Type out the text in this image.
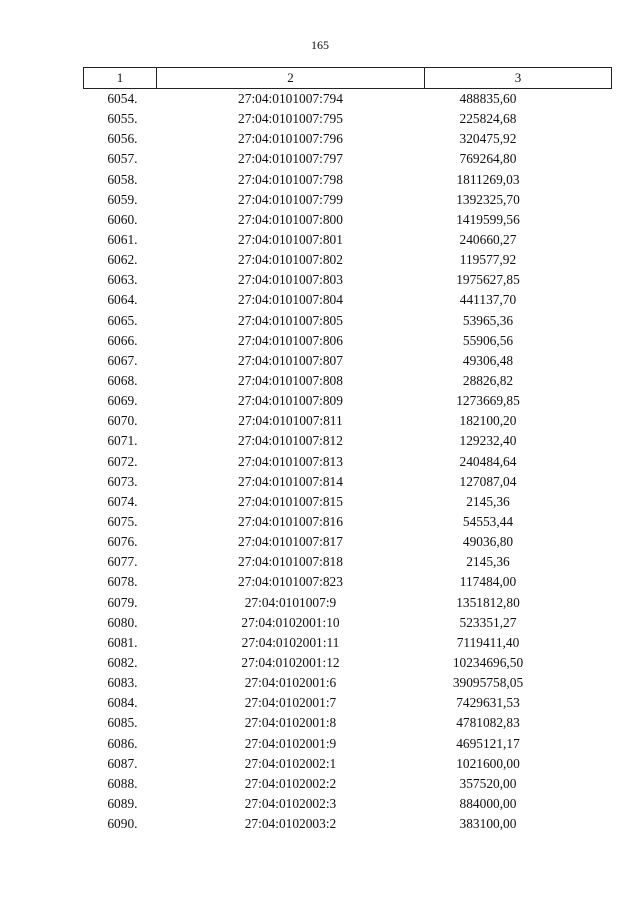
165
1	2	3
6054.	27:04:0101007:794	488835,60
6055.	27:04:0101007:795	225824,68
6056.	27:04:0101007:796	320475,92
6057.	27:04:0101007:797	769264,80
6058.	27:04:0101007:798	1811269,03
6059.	27:04:0101007:799	1392325,70
6060.	27:04:0101007:800	1419599,56
6061.	27:04:0101007:801	240660,27
6062.	27:04:0101007:802	119577,92
6063.	27:04:0101007:803	1975627,85
6064.	27:04:0101007:804	441137,70
6065.	27:04:0101007:805	53965,36
6066.	27:04:0101007:806	55906,56
6067.	27:04:0101007:807	49306,48
6068.	27:04:0101007:808	28826,82
6069.	27:04:0101007:809	1273669,85
6070.	27:04:0101007:811	182100,20
6071.	27:04:0101007:812	129232,40
6072.	27:04:0101007:813	240484,64
6073.	27:04:0101007:814	127087,04
6074.	27:04:0101007:815	2145,36
6075.	27:04:0101007:816	54553,44
6076.	27:04:0101007:817	49036,80
6077.	27:04:0101007:818	2145,36
6078.	27:04:0101007:823	117484,00
6079.	27:04:0101007:9	1351812,80
6080.	27:04:0102001:10	523351,27
6081.	27:04:0102001:11	7119411,40
6082.	27:04:0102001:12	10234696,50
6083.	27:04:0102001:6	39095758,05
6084.	27:04:0102001:7	7429631,53
6085.	27:04:0102001:8	4781082,83
6086.	27:04:0102001:9	4695121,17
6087.	27:04:0102002:1	1021600,00
6088.	27:04:0102002:2	357520,00
6089.	27:04:0102002:3	884000,00
6090.	27:04:0102003:2	383100,00
